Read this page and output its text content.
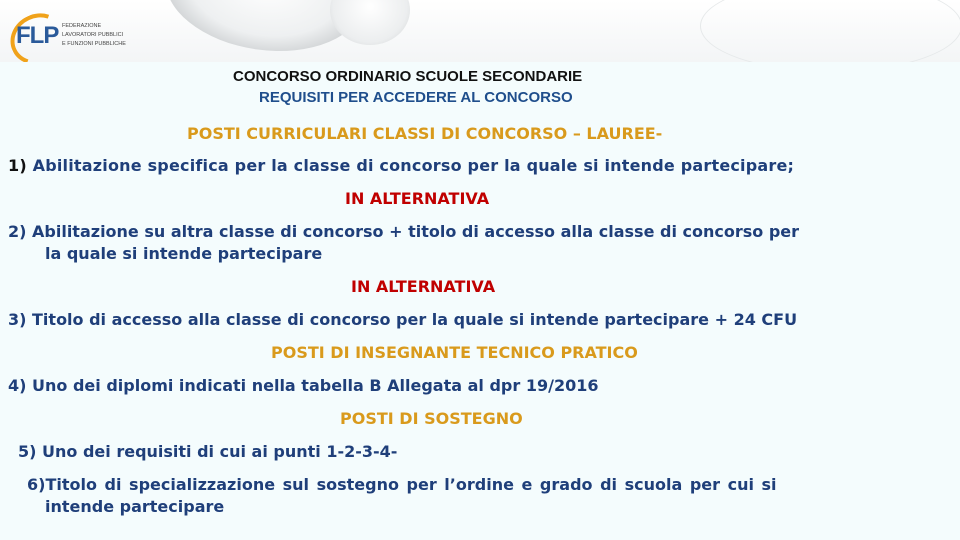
FLP FEDERAZIONE
LAVORATORI PUBBLICI
E FUNZIONI PUBBLICHE
CONCORSO ORDINARIO SCUOLE SECONDARIE
REQUISITI PER ACCEDERE AL CONCORSO
POSTI CURRICULARI CLASSI DI CONCORSO – LAUREE-
1) Abilitazione specifica per la classe di concorso per la quale si intende partecipare;
IN ALTERNATIVA
2) Abilitazione su altra classe di concorso + titolo di accesso alla classe di concorso per
la quale si intende partecipare
IN ALTERNATIVA
3) Titolo di accesso alla classe di concorso per la quale si intende partecipare + 24 CFU
POSTI DI INSEGNANTE TECNICO PRATICO
4) Uno dei diplomi indicati nella tabella B Allegata al dpr 19/2016
POSTI DI SOSTEGNO
5) Uno dei requisiti di cui ai punti 1-2-3-4-
6)Titolo di specializzazione sul sostegno per l’ordine e grado di scuola per cui si
intende partecipare
